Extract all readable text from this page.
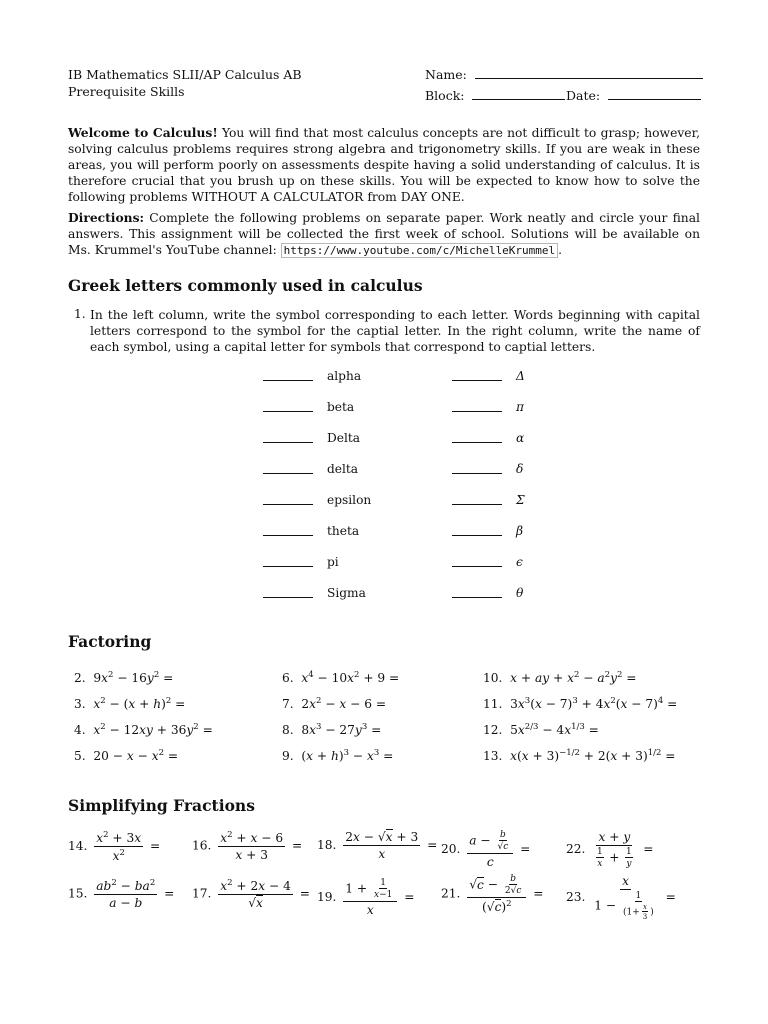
IB Mathematics SLII/AP Calculus AB
Prerequisite Skills
Name:
Block:	Date:

Welcome to Calculus! You will find that most calculus concepts are not difficult to grasp; however, solving calculus problems requires strong algebra and trigonometry skills. If you are weak in these areas, you will perform poorly on assessments despite having a solid understanding of calculus. It is therefore crucial that you brush up on these skills. You will be expected to know how to solve the following problems WITHOUT A CALCULATOR from DAY ONE.

Directions: Complete the following problems on separate paper. Work neatly and circle your final answers. This assignment will be collected the first week of school. Solutions will be available on Ms. Krummel's YouTube channel: https://www.youtube.com/c/MichelleKrummel .

Greek letters commonly used in calculus
1. In the left column, write the symbol corresponding to each letter. Words beginning with capital letters correspond to the symbol for the captial letter. In the right column, write the name of each symbol, using a capital letter for symbols that correspond to captial letters.

alpha	Δ
beta	π
Delta	α
delta	δ
epsilon	Σ
theta	β
pi	ϵ
Sigma	θ
Factoring
2.  $9x^2 - 16y^2$ =
3. $x^2 - (x + h)^2$ =
4. $x^2 - 12xy + 36y^2$ =
5.  $20 - x - x^2$ =
6. $x^4 - 10x^2 + 9$ =
7.  $2x^2 - x - 6$ =
8.  $8x^3 - 27y^3$ =
9.  $(x + h)^3 - x^3$ =
10. x + ay + $x^2 - a^2y^2$ =
11.  $3x^3(x - 7)^3 + 4x^2(x - 7)^4$ =
12.  $5x^{2/3} - 4x^{1/3}$ =
13. $x(x + 3)^{-1/2} + 2(x + 3)^{1/2}$ =
Simplifying Fractions
14. $\frac{x^2 + 3x}{x^2}$ =
15. $\frac{ab^2 - ba^2}{a - b}$ =
16. $\frac{x^2 + x - 6}{x + 3}$ =
17. $\frac{x^2 + 2x - 4}{√x}$ =
18. $\frac{2x - √x + 3}{x}$ =
19. $\frac{1 + \frac{1}{x-1}}{x}$ =
20. $\frac{a - \frac{b}{√c}}{c}$ =
21. $\frac{√c - \frac{b}{2√c}}{(√c)^2}$ =
22. $\frac{x + y}{\frac{1}{x} + \frac{1}{y}}$ =
23. $\frac{x}{1 - \frac{1}{(1+ \frac{x}{3} )}}$ =
